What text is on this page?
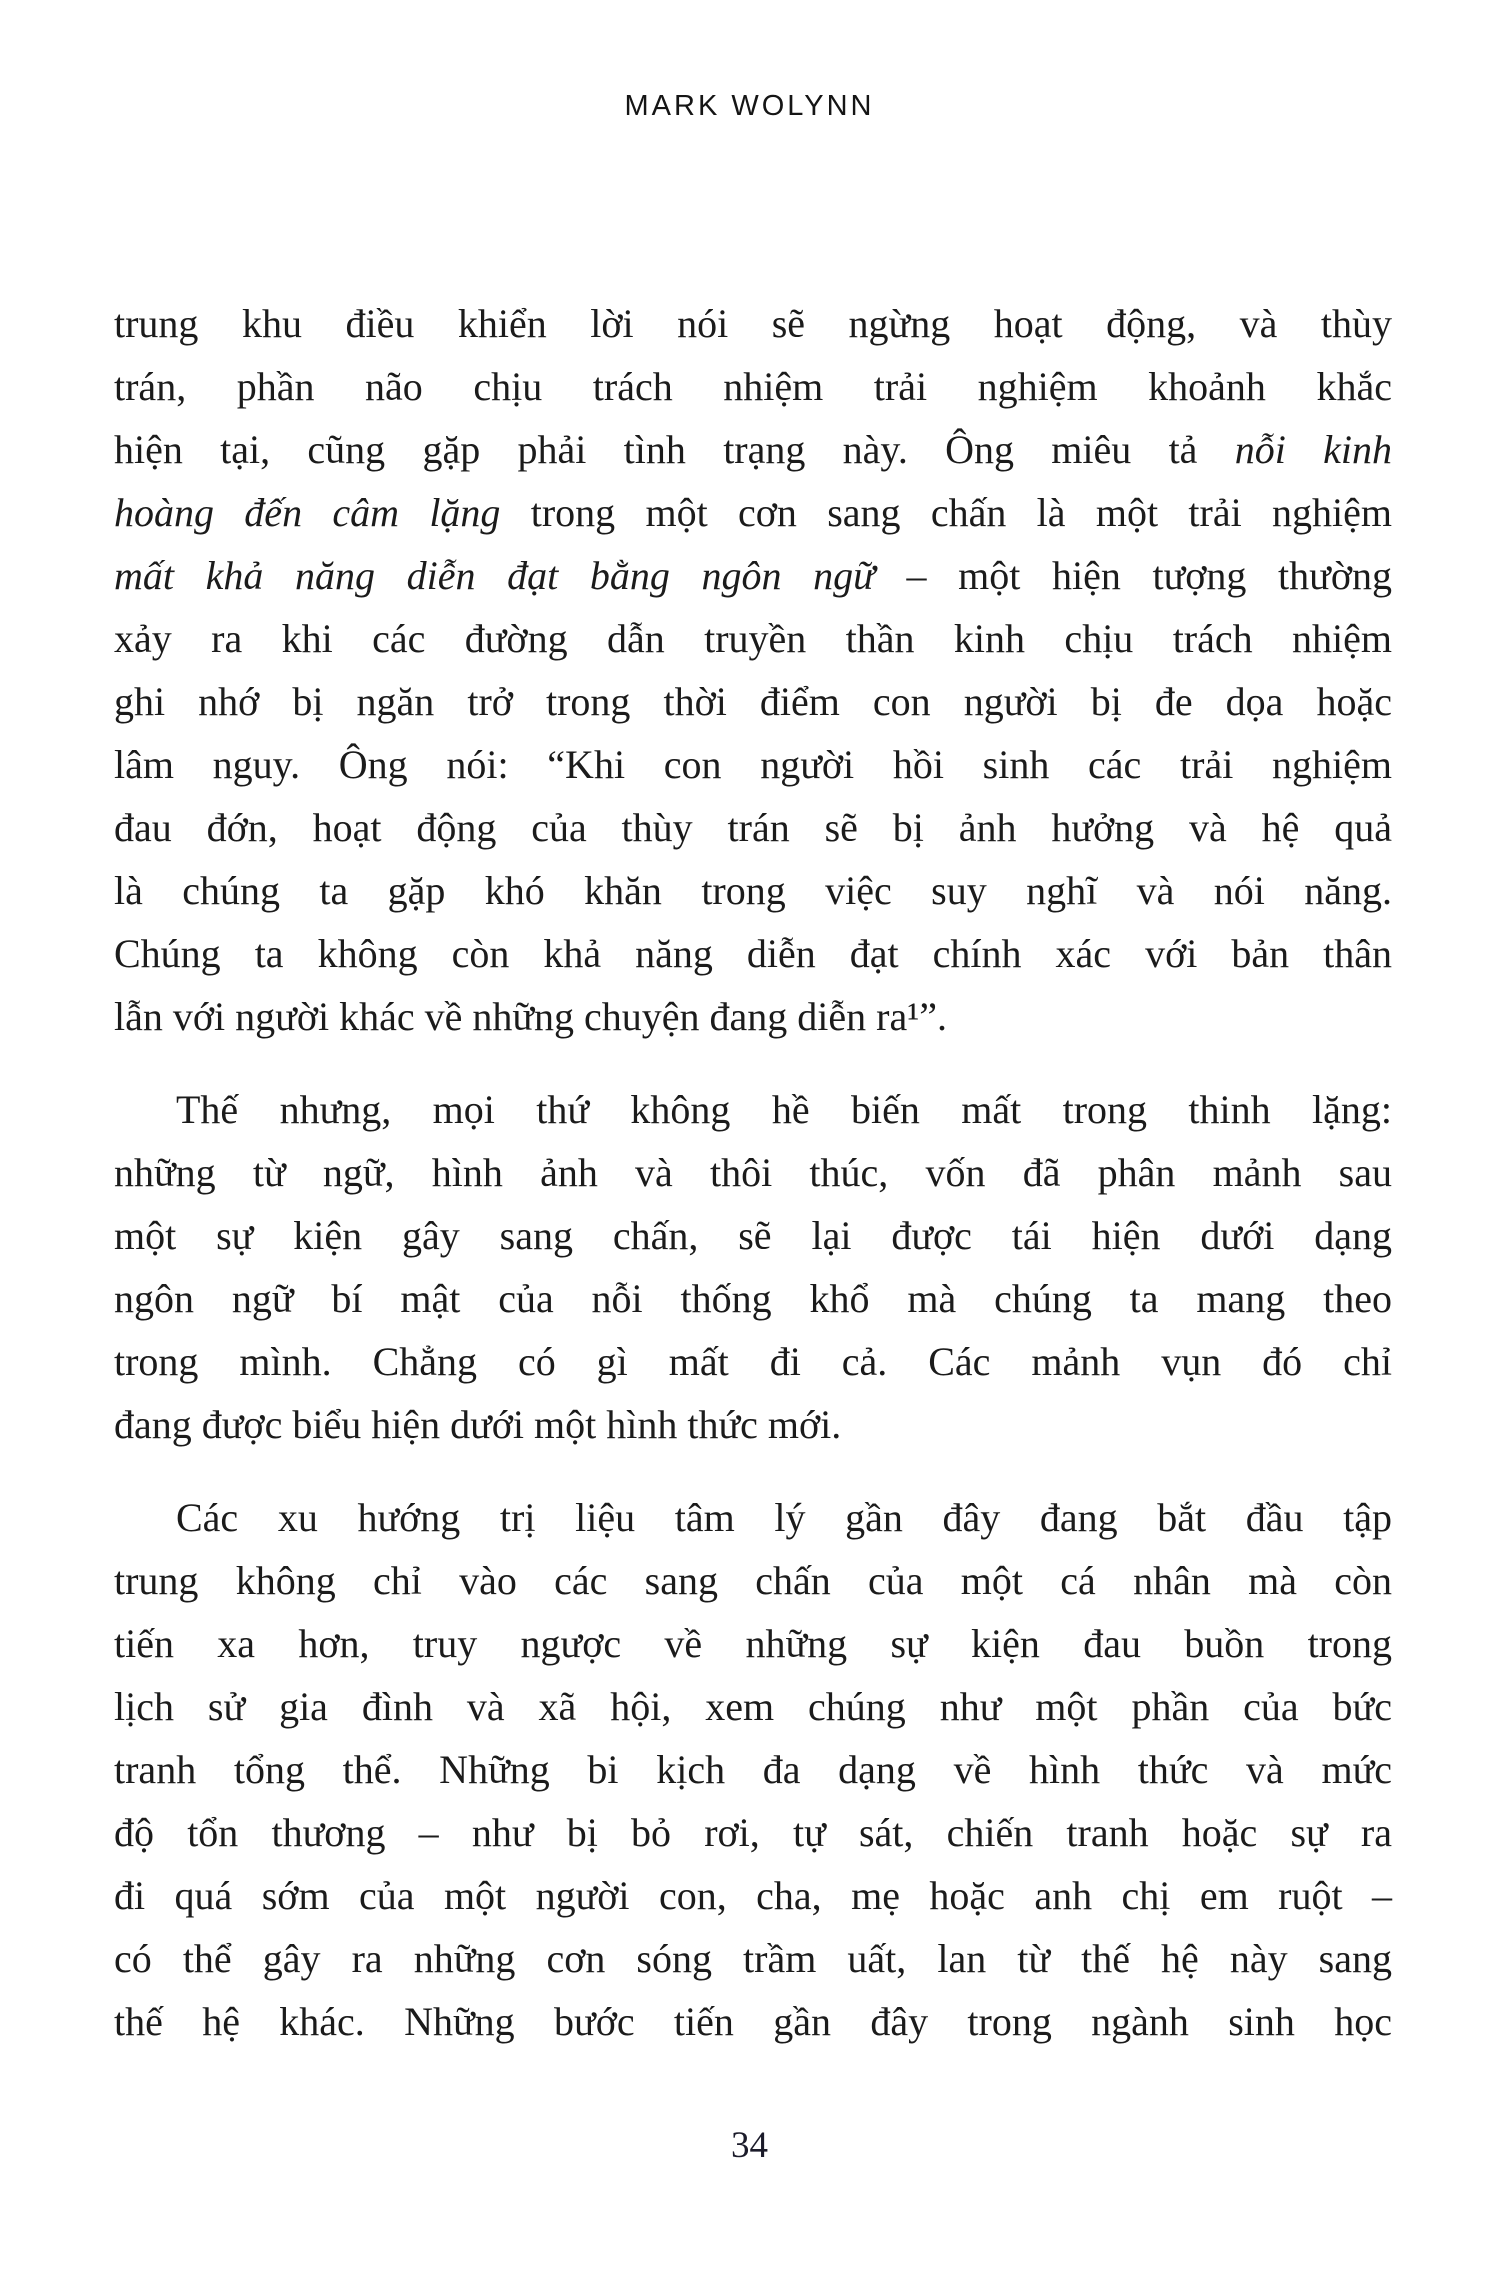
MARK WOLYNN
trung khu điều khiển lời nói sẽ ngừng hoạt động, và thùy
trán, phần não chịu trách nhiệm trải nghiệm khoảnh khắc
hiện tại, cũng gặp phải tình trạng này. Ông miêu tả nỗi kinh
hoàng đến câm lặng trong một cơn sang chấn là một trải nghiệm
mất khả năng diễn đạt bằng ngôn ngữ – một hiện tượng thường
xảy ra khi các đường dẫn truyền thần kinh chịu trách nhiệm
ghi nhớ bị ngăn trở trong thời điểm con người bị đe dọa hoặc
lâm nguy. Ông nói: “Khi con người hồi sinh các trải nghiệm
đau đớn, hoạt động của thùy trán sẽ bị ảnh hưởng và hệ quả
là chúng ta gặp khó khăn trong việc suy nghĩ và nói năng.
Chúng ta không còn khả năng diễn đạt chính xác với bản thân
lẫn với người khác về những chuyện đang diễn ra¹”.
Thế nhưng, mọi thứ không hề biến mất trong thinh lặng:
những từ ngữ, hình ảnh và thôi thúc, vốn đã phân mảnh sau
một sự kiện gây sang chấn, sẽ lại được tái hiện dưới dạng
ngôn ngữ bí mật của nỗi thống khổ mà chúng ta mang theo
trong mình. Chẳng có gì mất đi cả. Các mảnh vụn đó chỉ
đang được biểu hiện dưới một hình thức mới.
Các xu hướng trị liệu tâm lý gần đây đang bắt đầu tập
trung không chỉ vào các sang chấn của một cá nhân mà còn
tiến xa hơn, truy ngược về những sự kiện đau buồn trong
lịch sử gia đình và xã hội, xem chúng như một phần của bức
tranh tổng thể. Những bi kịch đa dạng về hình thức và mức
độ tổn thương – như bị bỏ rơi, tự sát, chiến tranh hoặc sự ra
đi quá sớm của một người con, cha, mẹ hoặc anh chị em ruột –
có thể gây ra những cơn sóng trầm uất, lan từ thế hệ này sang
thế hệ khác. Những bước tiến gần đây trong ngành sinh học
34
